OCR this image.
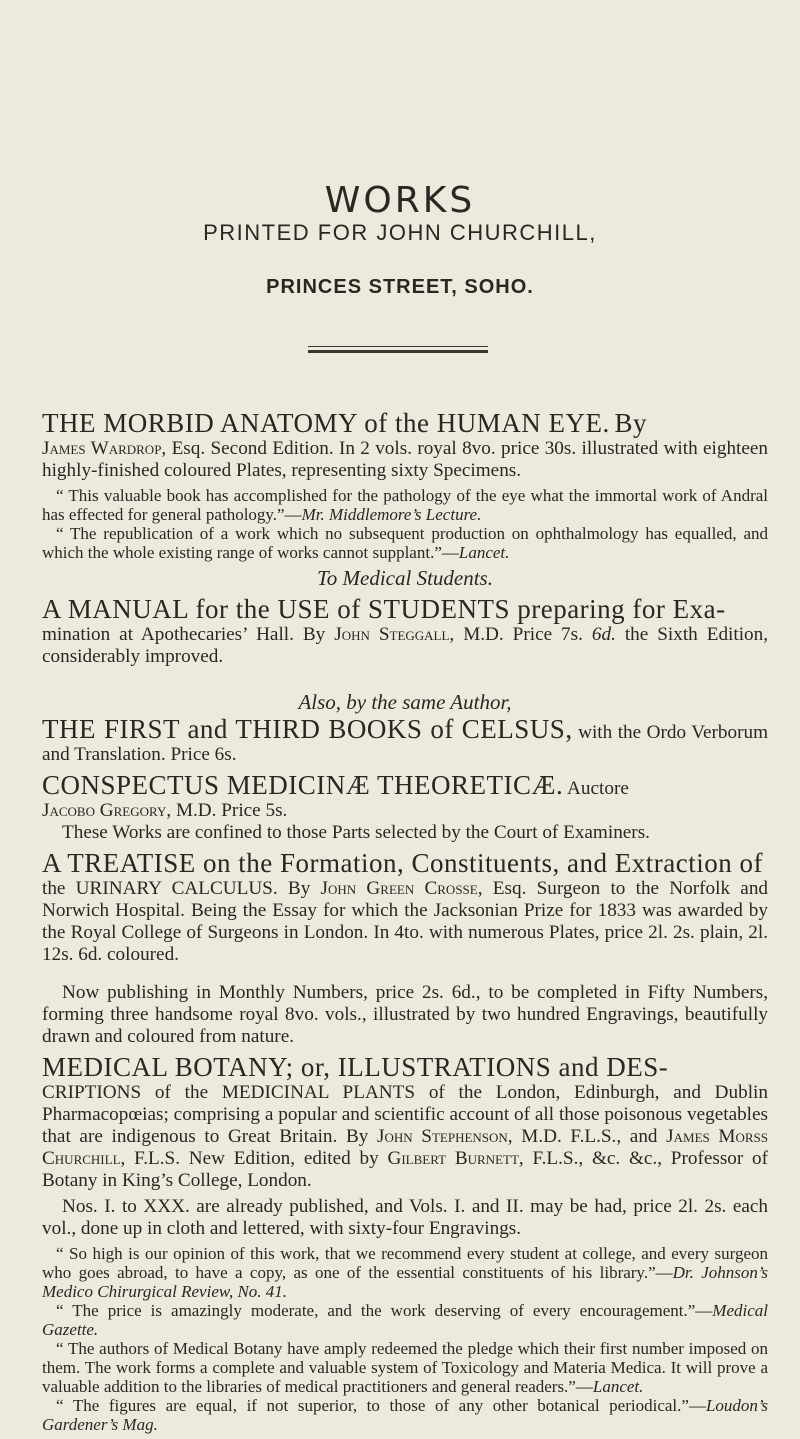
WORKS
PRINTED FOR JOHN CHURCHILL,
PRINCES STREET, SOHO.

THE MORBID ANATOMY of the HUMAN EYE. By
James Wardrop, Esq. Second Edition. In 2 vols. royal 8vo. price 30s. illustrated with eighteen highly-finished coloured Plates, representing sixty Specimens.

“ This valuable book has accomplished for the pathology of the eye what the immortal work of Andral has effected for general pathology.”—Mr. Middlemore’s Lecture.

“ The republication of a work which no subsequent production on ophthalmology has equalled, and which the whole existing range of works cannot supplant.”—Lancet.

To Medical Students.

A MANUAL for the USE of STUDENTS preparing for Exa-
mination at Apothecaries’ Hall. By John Steggall, M.D. Price 7s. 6d. the Sixth Edition, considerably improved.

Also, by the same Author,

THE FIRST and THIRD BOOKS of CELSUS, with the Ordo Verborum and Translation. Price 6s.

CONSPECTUS MEDICINÆ THEORETICÆ. Auctore
Jacobo Gregory, M.D. Price 5s.

These Works are confined to those Parts selected by the Court of Examiners.

A TREATISE on the Formation, Constituents, and Extraction of
the URINARY CALCULUS. By John Green Crosse, Esq. Surgeon to the Norfolk and Norwich Hospital. Being the Essay for which the Jacksonian Prize for 1833 was awarded by the Royal College of Surgeons in London. In 4to. with numerous Plates, price 2l. 2s. plain, 2l. 12s. 6d. coloured.

Now publishing in Monthly Numbers, price 2s. 6d., to be completed in Fifty Numbers, forming three handsome royal 8vo. vols., illustrated by two hundred Engravings, beautifully drawn and coloured from nature.

MEDICAL BOTANY; or, ILLUSTRATIONS and DES-
CRIPTIONS of the MEDICINAL PLANTS of the London, Edinburgh, and Dublin Pharmacopœias; comprising a popular and scientific account of all those poisonous vegetables that are indigenous to Great Britain. By John Stephenson, M.D. F.L.S., and James Morss Churchill, F.L.S. New Edition, edited by Gilbert Burnett, F.L.S., &c. &c., Professor of Botany in King’s College, London.

Nos. I. to XXX. are already published, and Vols. I. and II. may be had, price 2l. 2s. each vol., done up in cloth and lettered, with sixty-four Engravings.

“ So high is our opinion of this work, that we recommend every student at college, and every surgeon who goes abroad, to have a copy, as one of the essential constituents of his library.”—Dr. Johnson’s Medico Chirurgical Review, No. 41.

“ The price is amazingly moderate, and the work deserving of every encouragement.”—Medical Gazette.

“ The authors of Medical Botany have amply redeemed the pledge which their first number imposed on them. The work forms a complete and valuable system of Toxicology and Materia Medica. It will prove a valuable addition to the libraries of medical practitioners and general readers.”—Lancet.

“ The figures are equal, if not superior, to those of any other botanical periodical.”—Loudon’s Gardener’s Mag.
